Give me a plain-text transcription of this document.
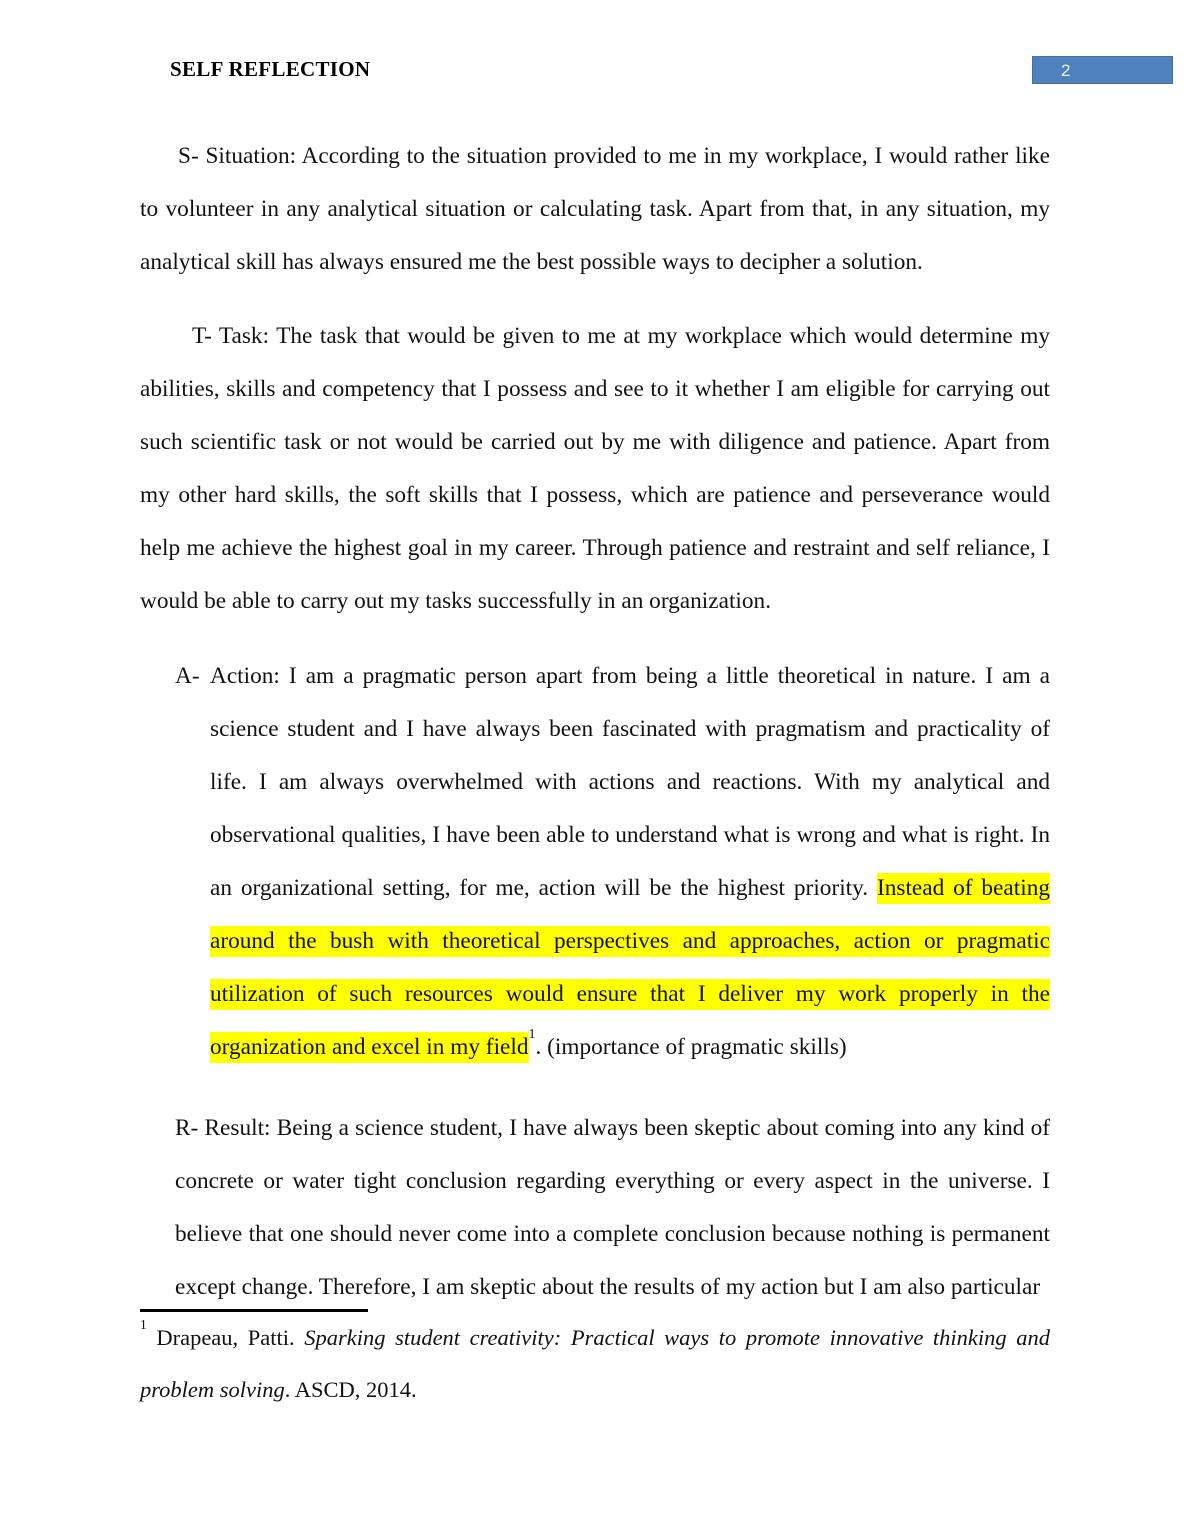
SELF REFLECTION	2

S- Situation: According to the situation provided to me in my workplace, I would rather like to volunteer in any analytical situation or calculating task. Apart from that, in any situation, my analytical skill has always ensured me the best possible ways to decipher a solution.

T- Task: The task that would be given to me at my workplace which would determine my abilities, skills and competency that I possess and see to it whether I am eligible for carrying out such scientific task or not would be carried out by me with diligence and patience. Apart from my other hard skills, the soft skills that I possess, which are patience and perseverance would help me achieve the highest goal in my career. Through patience and restraint and self reliance, I would be able to carry out my tasks successfully in an organization.

A- Action: I am a pragmatic person apart from being a little theoretical in nature. I am a science student and I have always been fascinated with pragmatism and practicality of life. I am always overwhelmed with actions and reactions. With my analytical and observational qualities, I have been able to understand what is wrong and what is right. In an organizational setting, for me, action will be the highest priority. Instead of beating around the bush with theoretical perspectives and approaches, action or pragmatic utilization of such resources would ensure that I deliver my work properly in the organization and excel in my field$^1$. (importance of pragmatic skills)
R- Result: Being a science student, I have always been skeptic about coming into any kind of concrete or water tight conclusion regarding everything or every aspect in the universe. I believe that one should never come into a complete conclusion because nothing is permanent except change. Therefore, I am skeptic about the results of my action but I am also particular
$^1$ Drapeau, Patti. Sparking student creativity: Practical ways to promote innovative thinking and problem solving. ASCD, 2014.
